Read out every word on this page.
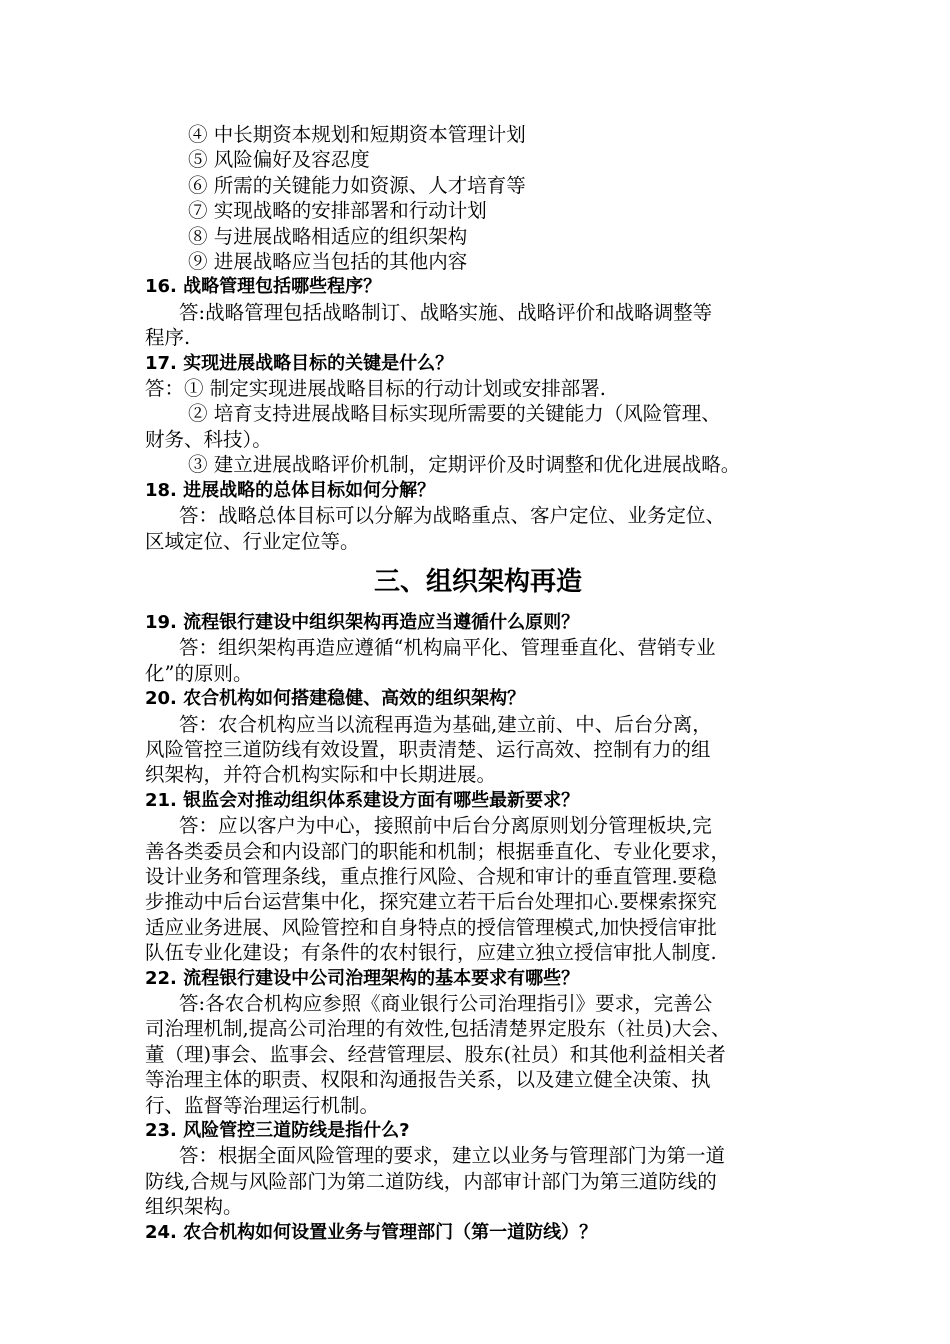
④ 中长期资本规划和短期资本管理计划

⑤ 风险偏好及容忍度

⑥ 所需的关键能力如资源、人才培育等

⑦ 实现战略的安排部署和行动计划

⑧ 与进展战略相适应的组织架构

⑨ 进展战略应当包括的其他内容

16. 战略管理包括哪些程序？

答:战略管理包括战略制订、战略实施、战略评价和战略调整等

程序.

17. 实现进展战略目标的关键是什么？

答：① 制定实现进展战略目标的行动计划或安排部署.

② 培育支持进展战略目标实现所需要的关键能力（风险管理、

财务、科技）。

③ 建立进展战略评价机制，定期评价及时调整和优化进展战略。

18. 进展战略的总体目标如何分解？

答：战略总体目标可以分解为战略重点、客户定位、业务定位、

区域定位、行业定位等。

三、组织架构再造

19. 流程银行建设中组织架构再造应当遵循什么原则？

答：组织架构再造应遵循“机构扁平化、管理垂直化、营销专业

化”的原则。

20. 农合机构如何搭建稳健、高效的组织架构？

答：农合机构应当以流程再造为基础,建立前、中、后台分离，

风险管控三道防线有效设置，职责清楚、运行高效、控制有力的组

织架构，并符合机构实际和中长期进展。

21. 银监会对推动组织体系建设方面有哪些最新要求？

答：应以客户为中心，接照前中后台分离原则划分管理板块,完

善各类委员会和内设部门的职能和机制；根据垂直化、专业化要求，

设计业务和管理条线，重点推行风险、合规和审计的垂直管理.要稳

步推动中后台运营集中化，探究建立若干后台处理扣心.要棵索探究

适应业务进展、风险管控和自身特点的授信管理模式,加快授信审批

队伍专业化建设；有条件的农村银行，应建立独立授信审批人制度.

22. 流程银行建设中公司治理架构的基本要求有哪些？

答:各农合机构应参照《商业银行公司治理指引》要求，完善公

司治理机制,提高公司治理的有效性,包括清楚界定股东（社员)大会、

董（理)事会、监事会、经营管理层、股东(社员）和其他利益相关者

等治理主体的职责、权限和沟通报告关系，以及建立健全决策、执

行、监督等治理运行机制。

23. 风险管控三道防线是指什么?

答：根据全面风险管理的要求，建立以业务与管理部门为第一道

防线,合规与风险部门为第二道防线，内部审计部门为第三道防线的

组织架构。

24. 农合机构如何设置业务与管理部门（第一道防线）？
